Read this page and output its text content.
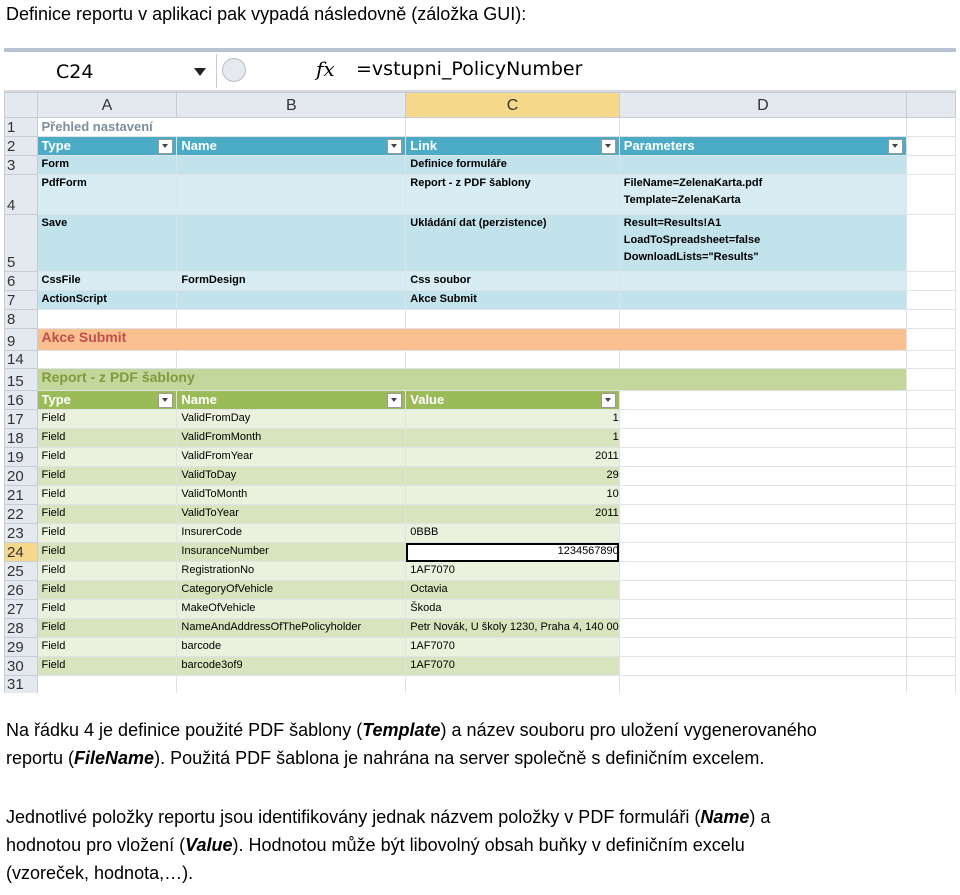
Definice reportu v aplikaci pak vypadá následovně (záložka GUI):
C24	fx =vstupni_PolicyNumber
	A	B	C	D	
1	Přehled nastavení				
2	Type	Name	Link	Parameters

3	Form		Definice formuláře		
4	PdfForm		Report - z PDF šablony	FileName=ZelenaKarta.pdf
Template=ZelenaKarta	

5	Save		Ukládání dat (perzistence)	Result=Results!A1
LoadToSpreadsheet=false
DownloadLists="Results"	

6	CssFile	FormDesign	Css soubor		
7	ActionScript		Akce Submit		
8					
9	Akce Submit				
14					
15	Report - z PDF šablony				
16	Type	Name	Value

17	Field	ValidFromDay	1		
18	Field	ValidFromMonth	1		
19	Field	ValidFromYear	2011		
20	Field	ValidToDay	29		
21	Field	ValidToMonth	10		
22	Field	ValidToYear	2011		
23	Field	InsurerCode	0BBB		
24	Field	InsuranceNumber	1234567890		
25	Field	RegistrationNo	1AF7070		
26	Field	CategoryOfVehicle	Octavia		
27	Field	MakeOfVehicle	Škoda		
28	Field	NameAndAddressOfThePolicyholder	Petr Novák, U školy 1230, Praha 4, 140 00		
29	Field	barcode	1AF7070		
30	Field	barcode3of9	1AF7070		
31					
Na řádku 4 je definice použité PDF šablony (Template) a název souboru pro uložení vygenerovaného
reportu (FileName). Použitá PDF šablona je nahrána na server společně s definičním excelem.
Jednotlivé položky reportu jsou identifikovány jednak názvem položky v PDF formuláři (Name) a
hodnotou pro vložení (Value). Hodnotou může být libovolný obsah buňky v definičním excelu
(vzoreček, hodnota,…).
